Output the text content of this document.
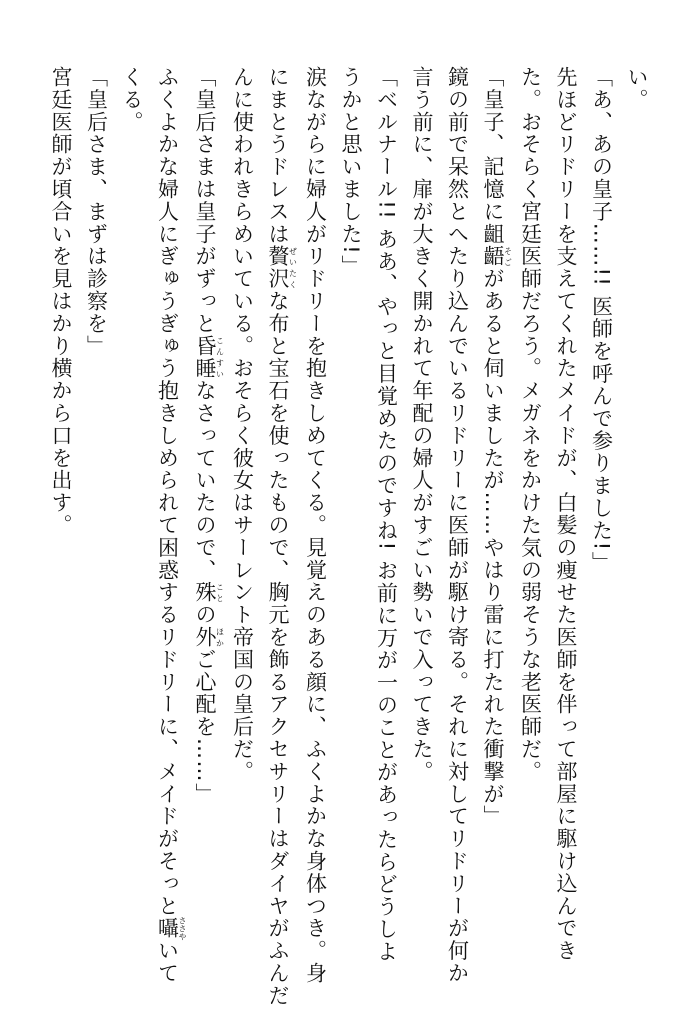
い。

「あ、あの皇子……!! 医師を呼んで参りました!」

先ほどリドリーを支えてくれたメイドが、白髪の痩せた医師を伴って部屋に駆け込んでき

た。おそらく宮廷医師だろう。メガネをかけた気の弱そうな老医師だ。

「皇子、記憶に齟齬そごがあると伺いましたが……やはり雷に打たれた衝撃が」

鏡の前で呆然とへたり込んでいるリドリーに医師が駆け寄る。それに対してリドリーが何か

言う前に、扉が大きく開かれて年配の婦人がすごい勢いで入ってきた。

「ベルナール!! ああ、やっと目覚めたのですね! お前に万が一のことがあったらどうしよ

うかと思いました!」

涙ながらに婦人がリドリーを抱きしめてくる。見覚えのある顔に、ふくよかな身体つき。身

にまとうドレスは贅沢ぜいたくな布と宝石を使ったもので、胸元を飾るアクセサリーはダイヤがふんだ

んに使われきらめいている。おそらく彼女はサーレント帝国の皇后だ。

「皇后さまは皇子がずっと昏睡こんすいなさっていたので、殊ことの外ほかご心配を……」

ふくよかな婦人にぎゅうぎゅう抱きしめられて困惑するリドリーに、メイドがそっと囁ささやいて

くる。

「皇后さま、まずは診察を」

宮廷医師が頃合いを見はかり横から口を出す。
